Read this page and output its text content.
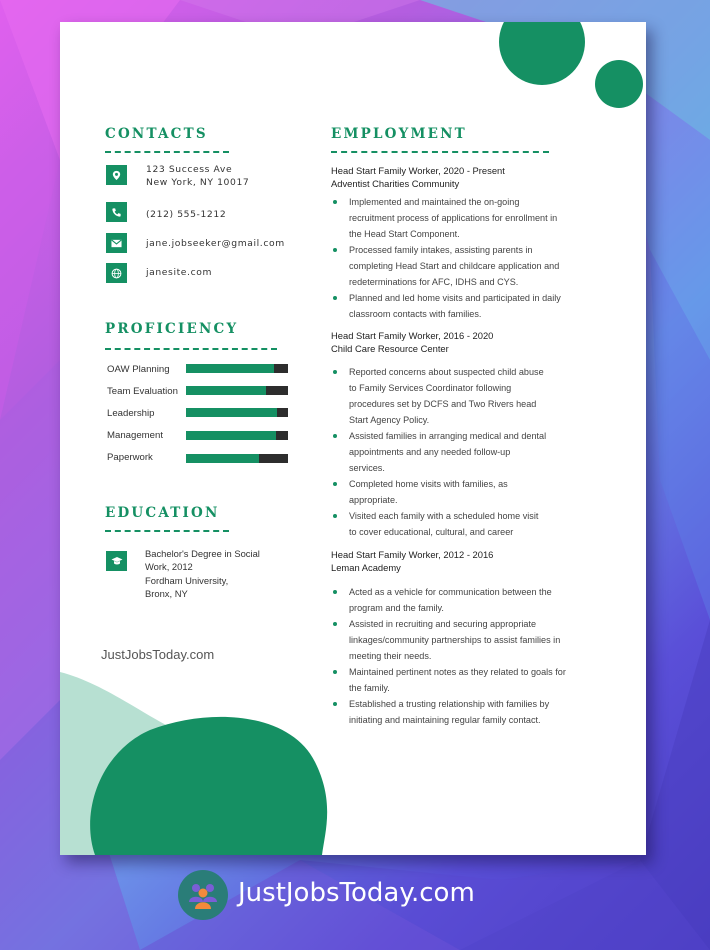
CONTACTS
123 Success Ave
New York, NY 10017
(212) 555-1212
jane.jobseeker@gmail.com
janesite.com
PROFICIENCY
OAW Planning
Team Evaluation
Leadership
Management
Paperwork
EDUCATION
Bachelor's Degree in Social
Work, 2012
Fordham University,
Bronx, NY
JustJobsToday.com
EMPLOYMENT
Head Start Family Worker, 2020 - Present
Adventist Charities Community
Implemented and maintained the on-going
recruitment process of applications for enrollment in
the Head Start Component.
Processed family intakes, assisting parents in
completing Head Start and childcare application and
redeterminations for AFC, IDHS and CYS.
Planned and led home visits and participated in daily
classroom contacts with families.
Head Start Family Worker, 2016 - 2020
Child Care Resource Center
Reported concerns about suspected child abuse
to Family Services Coordinator following
procedures set by DCFS and Two Rivers head
Start Agency Policy.
Assisted families in arranging medical and dental
appointments and any needed follow-up
services.
Completed home visits with families, as
appropriate.
Visited each family with a scheduled home visit
to cover educational, cultural, and career
Head Start Family Worker, 2012 - 2016
Leman Academy
Acted as a vehicle for communication between the
program and the family.
Assisted in recruiting and securing appropriate
linkages/community partnerships to assist families in
meeting their needs.
Maintained pertinent notes as they related to goals for
the family.
Established a trusting relationship with families by
initiating and maintaining regular family contact.
JustJobsToday.com
